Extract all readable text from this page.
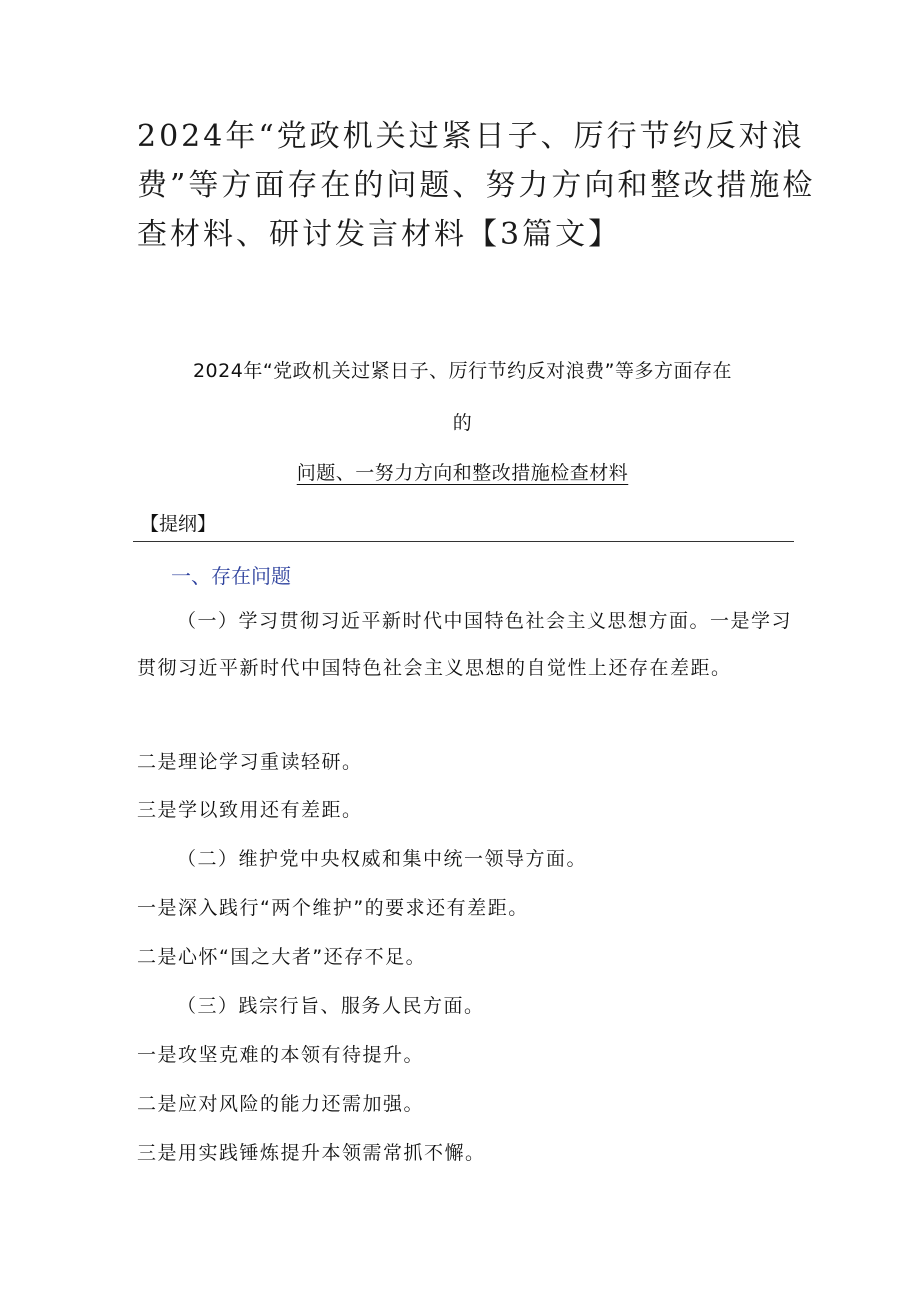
2024年“党政机关过紧日子、厉行节约反对浪费”等方面存在的问题、努力方向和整改措施检查材料、研讨发言材料【3篇文】

2024年“党政机关过紧日子、厉行节约反对浪费”等多方面存在

的

问题、一努力方向和整改措施检查材料

【提纲】

一、存在问题

（一）学习贯彻习近平新时代中国特色社会主义思想方面。一是学习贯彻习近平新时代中国特色社会主义思想的自觉性上还存在差距。

二是理论学习重读轻研。

三是学以致用还有差距。

（二）维护党中央权威和集中统一领导方面。

一是深入践行“两个维护”的要求还有差距。

二是心怀“国之大者”还存不足。

（三）践宗行旨、服务人民方面。

一是攻坚克难的本领有待提升。

二是应对风险的能力还需加强。

三是用实践锤炼提升本领需常抓不懈。
